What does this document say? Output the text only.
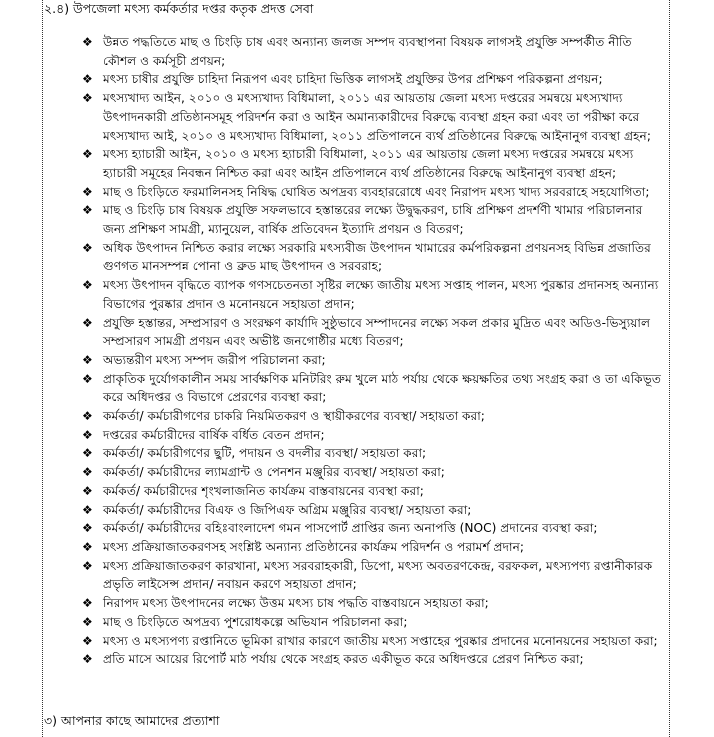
২.৪) উপজেলা মৎস্য কর্মকর্তার দপ্তর কতৃক প্রদত্ত সেবা
❖ উন্নত পদ্ধতিতে মাছ ও চিংড়ি চাষ এবং অন্যান্য জলজ সম্পদ ব্যবস্থাপনা বিষয়ক লাগসই প্রযুক্তি সম্পর্কীত নীতি কৌশল ও কর্মসূচী প্রণয়ন;
❖ মৎস্য চাষীর প্রযুক্তি চাহিদা নিরূপণ এবং চাহিদা ভিত্তিক লাগসই প্রযুক্তির উপর প্রশিক্ষণ পরিকল্পনা প্রণয়ন;
❖ মৎস্যখাদ্য আইন, ২০১০ ও মৎস্যখাদ্য বিধিমালা, ২০১১ এর আয়তায় জেলা মৎস্য দপ্তরের সমন্বয়ে মৎস্যখাদ্য উৎপাদনকারী প্রতিষ্ঠানসমূহ পরিদর্শন করা ও আইন অমান্যকারীদের বিরুদ্ধে ব্যবস্থা গ্রহন করা এবং তা পরীক্ষা করে মৎস্যখাদ্য আই, ২০১০ ও মৎস্যখাদ্য বিধিমালা, ২০১১ প্রতিপালনে ব্যর্থ প্রতিষ্ঠানের বিরুদ্ধে আইনানুগ ব্যবস্থা গ্রহন;
❖ মৎস্য হ্যাচারী আইন, ২০১০ ও মৎস্য হ্যাচারী বিধিমালা, ২০১১ এর আয়তায় জেলা মৎস্য দপ্তরের সমন্বয়ে মৎস্য হ্যাচারী সমূহের নিবন্ধন নিশ্চিত করা এবং আইন প্রতিপালনে ব্যর্থ প্রতিষ্ঠানের বিরুদ্ধে আইনানুগ ব্যবস্থা গ্রহন;
❖ মাছ ও চিংড়িতে ফরমালিনসহ নিষিদ্ধ ঘোষিত অপদ্রব্য ব্যবহাররোধে এবং নিরাপদ মৎস্য খাদ্য সরবরাহে সহযোগিতা;
❖ মাছ ও চিংড়ি চাষ বিষয়ক প্রযুক্তি সফলভাবে হস্তান্তরের লক্ষ্যে উদ্বুদ্ধকরণ, চাষি প্রশিক্ষণ প্রদর্শণী খামার পরিচালনার জন্য প্রশিক্ষণ সামগ্রী, ম্যানুয়েল, বার্ষিক প্রতিবেদন ইত্যাদি প্রণয়ন ও বিতরণ;
❖ অধিক উৎপাদন নিশ্চিত করার লক্ষ্যে সরকারি মৎস্যবীজ উৎপাদন খামারের কর্মপরিকল্পনা প্রণয়নসহ বিভিন্ন প্রজাতির গুণগত মানসম্পন্ন পোনা ও ব্রুড মাছ উৎপাদন ও সরবরাহ;
❖ মৎস্য উৎপাদন বৃদ্ধিতে ব্যাপক গণসচেতনতা সৃষ্টির লক্ষ্যে জাতীয় মৎস্য সপ্তাহ পালন, মৎস্য পুরষ্কার প্রদানসহ অন্যান্য বিভাগের পুরষ্কার প্রদান ও মনোনয়নে সহায়তা প্রদান;
❖ প্রযুক্তি হস্তান্তর, সম্প্রসারণ ও সংরক্ষণ কার্যাদি সুষ্ঠুভাবে সম্পাদনের লক্ষ্যে সকল প্রকার মুদ্রিত এবং অডিও-ভিস্যুয়াল সম্প্রসারণ সামগ্রী প্রণয়ন এবং অভীষ্ট জনগোষ্ঠীর মধ্যে বিতরণ;
❖ অভ্যন্তরীণ মৎস্য সম্পদ জরীপ পরিচালনা করা;
❖ প্রাকৃতিক দুর্যোগকালীন সময় সার্বক্ষণিক মনিটরিং রুম খুলে মাঠ পর্যায় থেকে ক্ষয়ক্ষতির তথ্য সংগ্রহ করা ও তা একিভূত করে অধিদপ্তর ও বিভাগে প্রেরণের ব্যবস্থা করা;
❖ কর্মকর্তা/ কর্মচারীগণের চাকরি নিয়মিতকরণ ও স্থায়ীকরণের ব্যবস্থা/ সহায়তা করা;
❖ দপ্তরের কর্মচারীদের বার্ষিক বর্ধিত বেতন প্রদান;
❖ কর্মকর্তা/ কর্মচারীগণের ছুটি, পদায়ন ও বদলীর ব্যবস্থা/ সহায়তা করা;
❖ কর্মকর্তা/ কর্মচারীদের ল্যামগ্রান্ট ও পেনশন মঞ্জুরির ব্যবস্থা/ সহায়তা করা;
❖ কর্মকর্ত/ কর্মচারীদের শৃংখলাজনিত কার্যক্রম বাস্তবায়নের ব্যবস্থা করা;
❖ কর্মকর্তা/ কর্মচারীদের বিএফ ও জিপিএফ অগ্রিম মঞ্জুরির ব্যবস্থা/ সহায়তা করা;
❖ কর্মকর্তা/ কর্মচারীদের বহিঃবাংলাদেশ গমন পাসপোর্ট প্রাপ্তির জন্য অনাপত্তি (NOC) প্রদানের ব্যবস্থা করা;
❖ মৎস্য প্রক্রিয়াজাতকরণসহ সংশ্লিষ্ট অন্যান্য প্রতিষ্ঠানের কার্যক্রম পরিদর্শন ও পরামর্শ প্রদান;
❖ মৎস্য প্রক্রিয়াজাতকরণ কারখানা, মৎস্য সরবরাহকারী, ডিপো, মৎস্য অবতরণকেন্দ্র, বরফকল, মৎস্যপণ্য রপ্তানীকারক প্রভৃতি লাইসেন্স প্রদান/ নবায়ন করণে সহায়তা প্রদান;
❖ নিরাপদ মৎস্য উৎপাদনের লক্ষ্যে উত্তম মৎস্য চাষ পদ্ধতি বাস্তবায়নে সহায়তা করা;
❖ মাছ ও চিংড়িতে অপদ্রব্য পুশরোধকল্পে অভিযান পরিচালনা করা;
❖ মৎস্য ও মৎস্যপণ্য রপ্তানিতে ভূমিকা রাখার কারণে জাতীয় মৎস্য সপ্তাহের পুরষ্কার প্রদানের মনোনয়নের সহায়তা করা;
❖ প্রতি মাসে আয়ের রিপোর্ট মাঠ পর্যায় থেকে সংগ্রহ করত একীভূত করে অধিদপ্তরে প্রেরণ নিশ্চিত করা;
৩) আপনার কাছে আমাদের প্রত্যাশা
